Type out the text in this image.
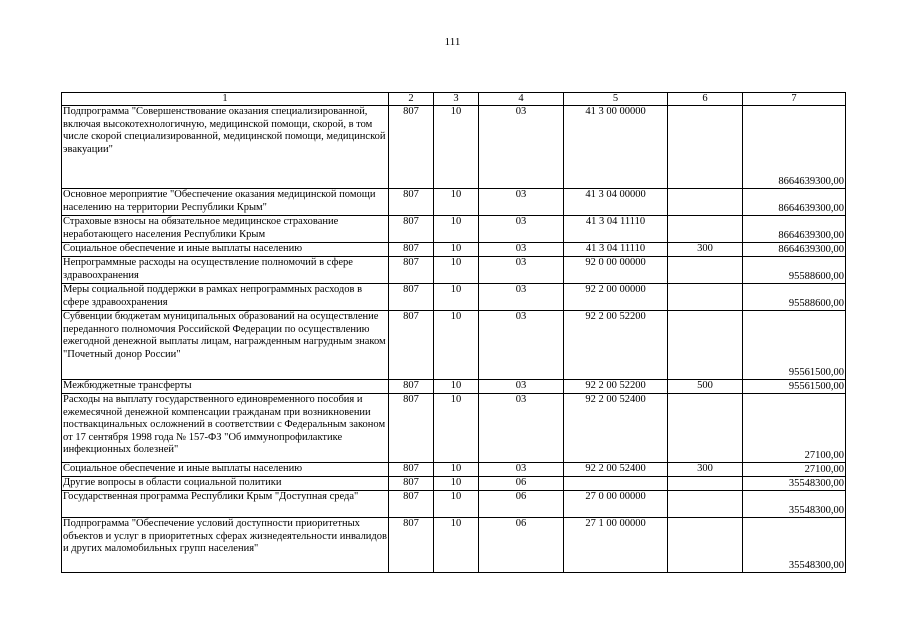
111
1	2	3	4	5	6	7
Подпрограмма "Совершенствование оказания специализированной, включая высокотехнологичную, медицинской помощи, скорой, в том числе скорой специализированной, медицинской помощи, медицинской эвакуации"	807	10	03	41 3 00 00000		8664639300,00
Основное мероприятие "Обеспечение оказания медицинской помощи населению на территории Республики Крым"	807	10	03	41 3 04 00000		8664639300,00
Страховые взносы на обязательное медицинское страхование неработающего населения Республики Крым	807	10	03	41 3 04 11110		8664639300,00
Социальное обеспечение и иные выплаты населению	807	10	03	41 3 04 11110	300	8664639300,00
Непрограммные расходы на осуществление полномочий в сфере здравоохранения	807	10	03	92 0 00 00000		95588600,00
Меры социальной поддержки в рамках непрограммных расходов в сфере здравоохранения	807	10	03	92 2 00 00000		95588600,00
Субвенции бюджетам муниципальных образований на осуществление переданного полномочия Российской Федерации по осуществлению ежегодной денежной выплаты лицам, награжденным нагрудным знаком "Почетный донор России"	807	10	03	92 2 00 52200		95561500,00
Межбюджетные трансферты	807	10	03	92 2 00 52200	500	95561500,00
Расходы на выплату государственного единовременного пособия и ежемесячной денежной компенсации гражданам при возникновении поствакцинальных осложнений в соответствии с Федеральным законом от 17 сентября 1998 года № 157-ФЗ "Об иммунопрофилактике инфекционных болезней"	807	10	03	92 2 00 52400		27100,00
Социальное обеспечение и иные выплаты населению	807	10	03	92 2 00 52400	300	27100,00
Другие вопросы в области социальной политики	807	10	06			35548300,00
Государственная программа Республики Крым "Доступная среда"	807	10	06	27 0 00 00000		35548300,00
Подпрограмма "Обеспечение условий доступности приоритетных объектов и услуг в приоритетных сферах жизнедеятельности инвалидов и других маломобильных групп населения"	807	10	06	27 1 00 00000		35548300,00
